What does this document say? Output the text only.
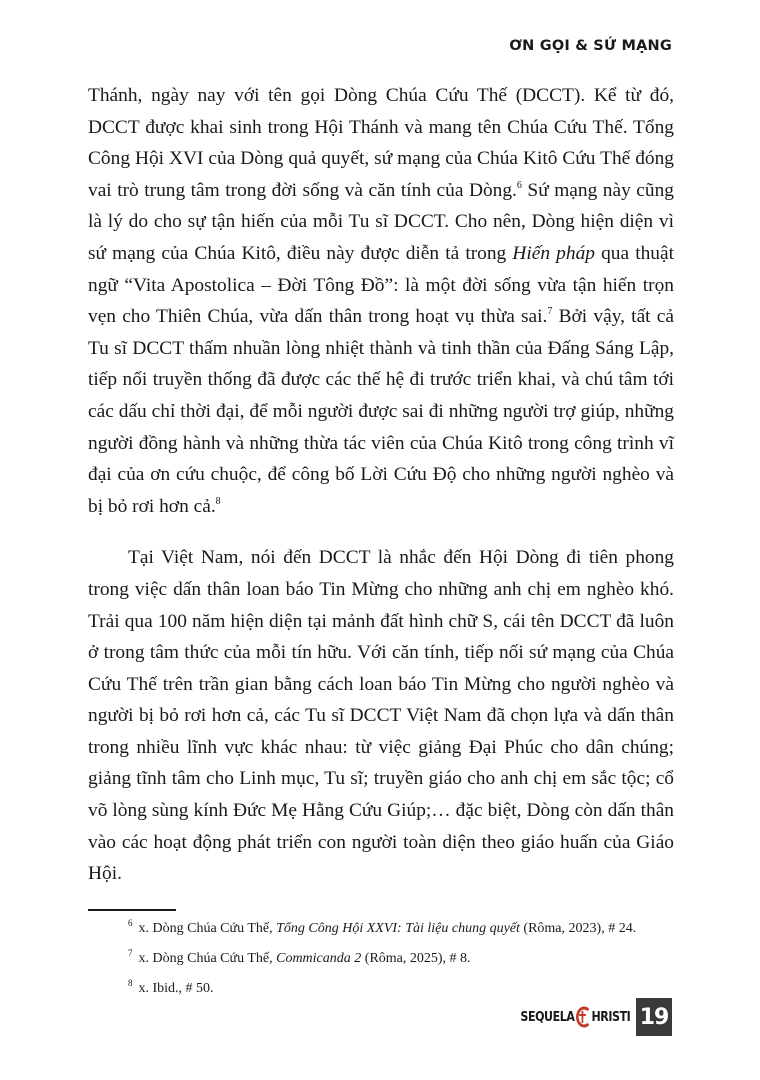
ƠN GỌI & SỨ MẠNG

Thánh, ngày nay với tên gọi Dòng Chúa Cứu Thế (DCCT). Kể từ đó, DCCT được khai sinh trong Hội Thánh và mang tên Chúa Cứu Thế. Tổng Công Hội XVI của Dòng quả quyết, sứ mạng của Chúa Kitô Cứu Thế đóng vai trò trung tâm trong đời sống và căn tính của Dòng.$^6$ Sứ mạng này cũng là lý do cho sự tận hiến của mỗi Tu sĩ DCCT. Cho nên, Dòng hiện diện vì sứ mạng của Chúa Kitô, điều này được diễn tả trong Hiến pháp qua thuật ngữ “Vita Apostolica – Đời Tông Đồ”: là một đời sống vừa tận hiến trọn vẹn cho Thiên Chúa, vừa dấn thân trong hoạt vụ thừa sai.$^7$ Bởi vậy, tất cả Tu sĩ DCCT thấm nhuần lòng nhiệt thành và tinh thần của Đấng Sáng Lập, tiếp nối truyền thống đã được các thế hệ đi trước triển khai, và chú tâm tới các dấu chỉ thời đại, để mỗi người được sai đi những người trợ giúp, những người đồng hành và những thừa tác viên của Chúa Kitô trong công trình vĩ đại của ơn cứu chuộc, để công bố Lời Cứu Độ cho những người nghèo và bị bỏ rơi hơn cả.$^8$

Tại Việt Nam, nói đến DCCT là nhắc đến Hội Dòng đi tiên phong trong việc dấn thân loan báo Tin Mừng cho những anh chị em nghèo khó. Trải qua 100 năm hiện diện tại mảnh đất hình chữ S, cái tên DCCT đã luôn ở trong tâm thức của mỗi tín hữu. Với căn tính, tiếp nối sứ mạng của Chúa Cứu Thế trên trần gian bằng cách loan báo Tin Mừng cho người nghèo và người bị bỏ rơi hơn cả, các Tu sĩ DCCT Việt Nam đã chọn lựa và dấn thân trong nhiều lĩnh vực khác nhau: từ việc giảng Đại Phúc cho dân chúng; giảng tĩnh tâm cho Linh mục, Tu sĩ; truyền giáo cho anh chị em sắc tộc; cổ võ lòng sùng kính Đức Mẹ Hằng Cứu Giúp;… đặc biệt, Dòng còn dấn thân vào các hoạt động phát triển con người toàn diện theo giáo huấn của Giáo Hội.

$^6$ x. Dòng Chúa Cứu Thế, Tổng Công Hội XXVI: Tài liệu chung quyết (Rôma, 2023), # 24.
$^7$ x. Dòng Chúa Cứu Thế, Commicanda 2 (Rôma, 2025), # 8.
$^8$ x. Ibid., # 50.
SEQUELA HRISTI 19
